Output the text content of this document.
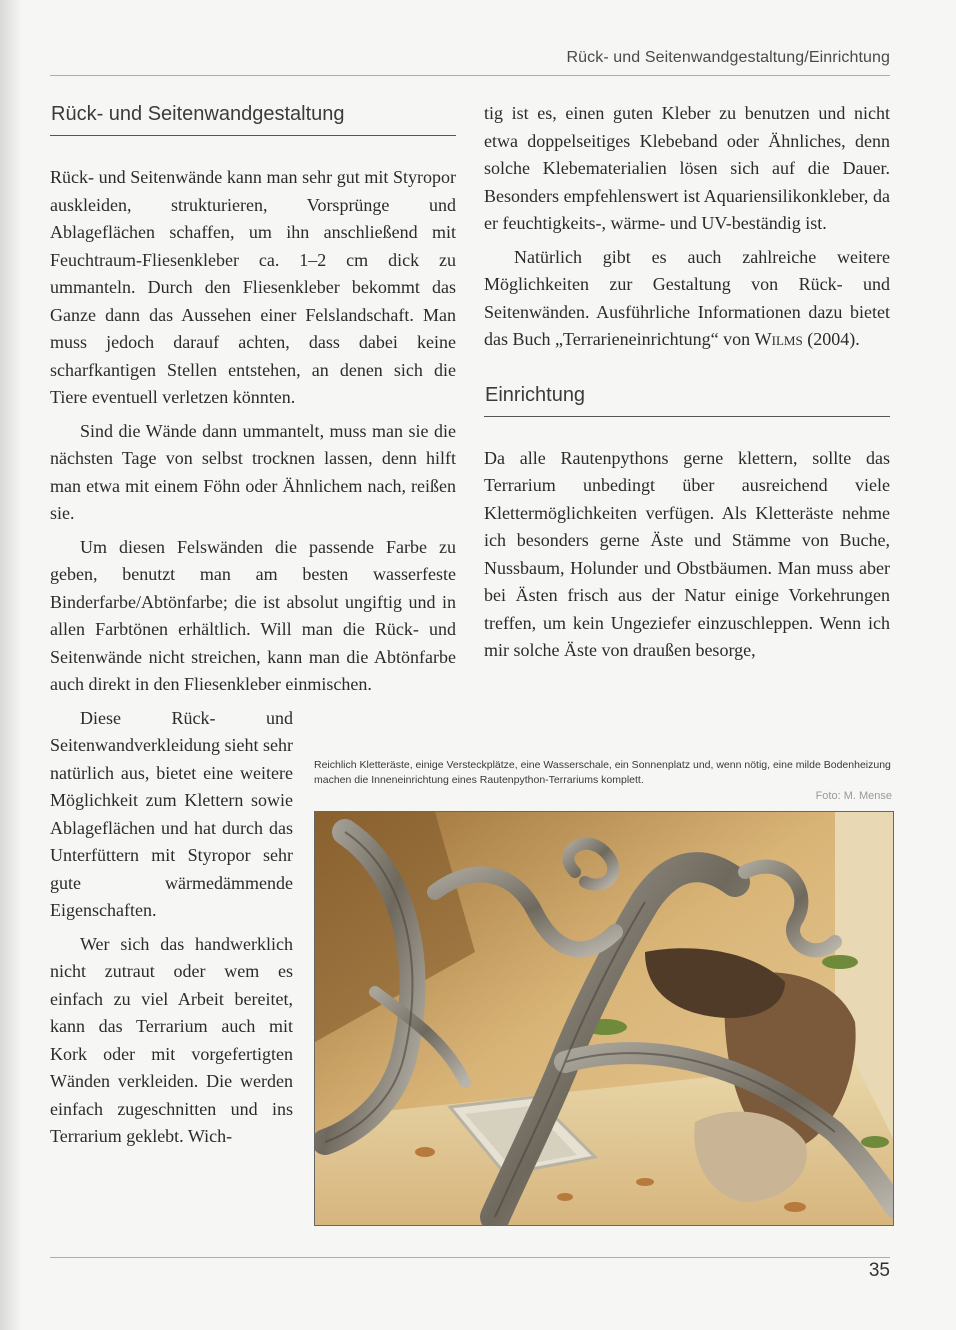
Rück- und Seitenwandgestaltung/Einrichtung
Rück- und Seitenwandgestaltung

Rück- und Seitenwände kann man sehr gut mit Styropor auskleiden, strukturieren, Vorsprünge und Ablageflächen schaffen, um ihn anschließend mit Feuchtraum-Fliesenkleber ca. 1–2 cm dick zu ummanteln. Durch den Fliesenkleber bekommt das Ganze dann das Aussehen einer Felslandschaft. Man muss jedoch darauf achten, dass dabei keine scharfkantigen Stellen entstehen, an denen sich die Tiere eventuell verletzen könnten.

Sind die Wände dann ummantelt, muss man sie die nächsten Tage von selbst trocknen lassen, denn hilft man etwa mit einem Föhn oder Ähnlichem nach, reißen sie.

Um diesen Felswänden die passende Farbe zu geben, benutzt man am besten wasserfeste Binderfarbe/Abtönfarbe; die ist absolut ungiftig und in allen Farbtönen erhältlich. Will man die Rück- und Seitenwände nicht streichen, kann man die Abtönfarbe auch direkt in den Fliesenkleber einmischen.

Diese Rück- und Seitenwandverkleidung sieht sehr natürlich aus, bietet eine weitere Möglichkeit zum Klettern sowie Ablageflächen und hat durch das Unterfüttern mit Styropor sehr gute wärmedämmende Eigenschaften.

Wer sich das handwerklich nicht zutraut oder wem es einfach zu viel Arbeit bereitet, kann das Terrarium auch mit Kork oder mit vorgefertigten Wänden verkleiden. Die werden einfach zugeschnitten und ins Terrarium geklebt. Wich-

tig ist es, einen guten Kleber zu benutzen und nicht etwa doppelseitiges Klebeband oder Ähnliches, denn solche Klebematerialien lösen sich auf die Dauer. Besonders empfehlenswert ist Aquariensilikonkleber, da er feuchtigkeits-, wärme- und UV-beständig ist.

Natürlich gibt es auch zahlreiche weitere Möglichkeiten zur Gestaltung von Rück- und Seitenwänden. Ausführliche Informationen dazu bietet das Buch „Terrarieneinrichtung“ von Wilms (2004).

Einrichtung

Da alle Rautenpythons gerne klettern, sollte das Terrarium unbedingt über ausreichend viele Klettermöglichkeiten verfügen. Als Kletteräste nehme ich besonders gerne Äste und Stämme von Buche, Nussbaum, Holunder und Obstbäumen. Man muss aber bei Ästen frisch aus der Natur einige Vorkehrungen treffen, um kein Ungeziefer einzuschleppen. Wenn ich mir solche Äste von draußen besorge,

Reichlich Kletteräste, einige Versteckplätze, eine Wasserschale, ein Sonnenplatz und, wenn nötig, eine milde Bodenheizung machen die Inneneinrichtung eines Rautenpython-Terrariums komplett.
Foto: M. Mense
35
